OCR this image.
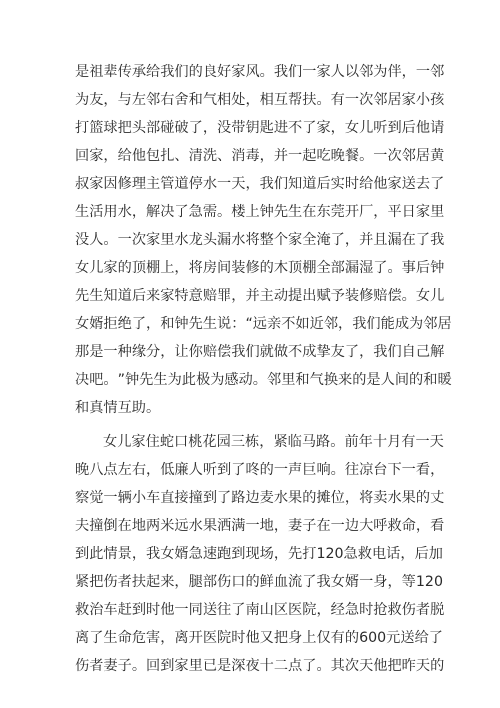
是 祖 辈 传 承 给 我 们 的 良 好 家 风 。 我 们 一 家 人 以 邻 为 伴 ， 一 邻
为 友 ， 与 左 邻 右 舍 和 气 相 处 ， 相 互 帮 扶 。 有 一 次 邻 居 家 小 孩
打 篮 球 把 头 部 碰 破 了 ， 没 带 钥 匙 进 不 了 家 ， 女 儿 听 到 后 他 请
回 家 ， 给 他 包 扎 、 清 洗 、 消 毒 ， 并 一 起 吃 晚 餐 。 一 次 邻 居 黄
叔 家 因 修 理 主 管 道 停 水 一 天 ， 我 们 知 道 后 实 时 给 他 家 送 去 了
生 活 用 水 ， 解 决 了 急 需 。 楼 上 钟 先 生 在 东 莞 开 厂 ， 平 日 家 里
没 人 。 一 次 家 里 水 龙 头 漏 水 将 整 个 家 全 淹 了 ， 并 且 漏 在 了 我
女 儿 家 的 顶 棚 上 ， 将 房 间 装 修 的 木 顶 棚 全 部 漏 湿 了 。 事 后 钟
先 生 知 道 后 来 家 特 意 赔 罪 ， 并 主 动 提 出 赋 予 装 修 赔 偿 。 女 儿
女 婿 拒 绝 了 ， 和 钟 先 生 说 ： “ 远 亲 不 如 近 邻 ， 我 们 能 成 为 邻 居
那 是 一 种 缘 分 ， 让 你 赔 偿 我 们 就 做 不 成 挚 友 了 ， 我 们 自 己 解
决 吧 。 ” 钟 先 生 为 此 极 为 感 动 。 邻 里 和 气 换 来 的 是 人 间 的 和 暖
和真情互助。
女 儿 家 住 蛇 口 桃 花 园 三 栋 ， 紧 临 马 路 。 前 年 十 月 有 一 天
晚 八 点 左 右 ， 低 廉 人 听 到 了 咚 的 一 声 巨 响 。 往 凉 台 下 一 看 ，
察 觉 一 辆 小 车 直 接 撞 到 了 路 边 麦 水 果 的 摊 位 ， 将 卖 水 果 的 丈
夫 撞 倒 在 地 两 米 远 水 果 洒 满 一 地 ， 妻 子 在 一 边 大 呼 救 命 ， 看
到 此 情 景 ， 我 女 婿 急 速 跑 到 现 场 ， 先 打 1 2 0 急 救 电 话 ， 后 加
紧 把 伤 者 扶 起 来 ， 腿 部 伤 口 的 鲜 血 流 了 我 女 婿 一 身 ， 等 1 2 0
救 治 车 赶 到 时 他 一 同 送 往 了 南 山 区 医 院 ， 经 急 时 抢 救 伤 者 脱
离 了 生 命 危 害 ， 离 开 医 院 时 他 又 把 身 上 仅 有 的 6 0 0 元 送 给 了
伤 者 妻 子 。 回 到 家 里 已 是 深 夜 十 二 点 了 。 其 次 天 他 把 昨 天 的
